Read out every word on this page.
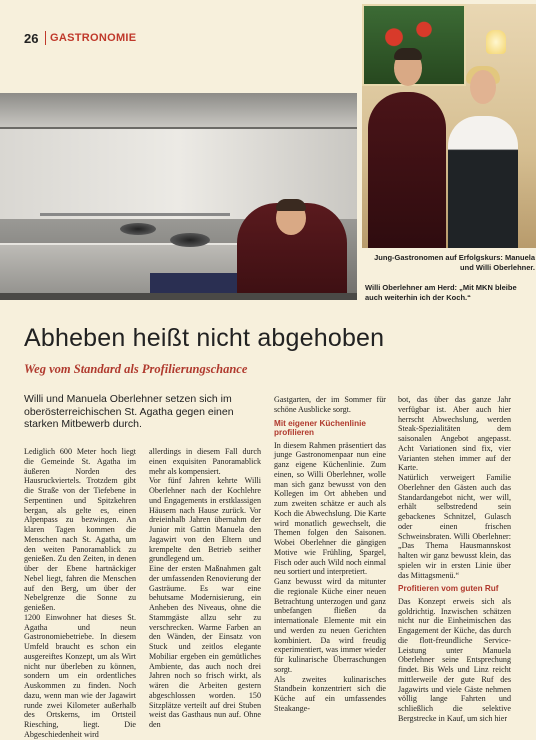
26 GASTRONOMIE
Jung-Gastronomen auf Erfolgskurs: Manuela und Willi Oberlehner.
Willi Oberlehner am Herd: „Mit MKN bleibe auch weiterhin ich der Koch.“
Abheben heißt nicht abgehoben
Weg vom Standard als Profilierungschance
Willi und Manuela Oberlehner setzen sich im oberösterreichischen St. Agatha gegen einen starken Mitbewerb durch.

Lediglich 600 Meter hoch liegt die Gemeinde St. Agatha im äußeren Norden des Hausruckviertels. Trotzdem gibt die Straße von der Tiefebene in Serpentinen und Spitzkehren bergan, als gelte es, einen Alpenpass zu bezwingen. An klaren Tagen kommen die Menschen nach St. Agatha, um den weiten Panoramablick zu genießen. Zu den Zeiten, in denen über der Ebene hartnäckiger Nebel liegt, fahren die Menschen auf den Berg, um über der Nebelgrenze die Sonne zu genießen.

1200 Einwohner hat dieses St. Agatha und neun Gastronomiebetriebe. In diesem Umfeld braucht es schon ein ausgereiftes Konzept, um als Wirt nicht nur überleben zu können, sondern um ein ordentliches Auskommen zu finden. Noch dazu, wenn man wie der Jagawirt runde zwei Kilometer außerhalb des Ortskerns, im Ortsteil Riesching, liegt. Die Abgeschiedenheit wird

allerdings in diesem Fall durch einen exquisiten Panoramablick mehr als kompensiert.

Vor fünf Jahren kehrte Willi Oberlehner nach der Kochlehre und Engagements in erstklassigen Häusern nach Hause zurück. Vor dreieinhalb Jahren übernahm der Junior mit Gattin Manuela den Jagawirt von den Eltern und krempelte den Betrieb seither grundlegend um.

Eine der ersten Maßnahmen galt der umfassenden Renovierung der Gasträume. Es war eine behutsame Modernisierung, ein Anheben des Niveaus, ohne die Stammgäste allzu sehr zu verschrecken. Warme Farben an den Wänden, der Einsatz von Stuck und zeitlos elegante Mobiliar ergeben ein gemütliches Ambiente, das auch noch drei Jahren noch so frisch wirkt, als wären die Arbeiten gestern abgeschlossen worden. 150 Sitzplätze verteilt auf drei Stuben weist das Gasthaus nun auf. Ohne den

Gastgarten, der im Sommer für schöne Ausblicke sorgt.

Mit eigener Küchenlinie profilieren

In diesem Rahmen präsentiert das junge Gastronomenpaar nun eine ganz eigene Küchenlinie. Zum einen, so Willi Oberlehner, wolle man sich ganz bewusst von den Kollegen im Ort abheben und zum zweiten schätze er auch als Koch die Abwechslung. Die Karte wird monatlich gewechselt, die Themen folgen den Saisonen. Wobei Oberlehner die gängigen Motive wie Frühling, Spargel, Fisch oder auch Wild noch einmal neu sortiert und interpretiert.

Ganz bewusst wird da mitunter die regionale Küche einer neuen Betrachtung unterzogen und ganz unbefangen fließen da internationale Elemente mit ein und werden zu neuen Gerichten kombiniert. Da wird freudig experimentiert, was immer wieder für kulinarische Überraschungen sorgt.

Als zweites kulinarisches Standbein konzentriert sich die Küche auf ein umfassendes Steakange-

bot, das über das ganze Jahr verfügbar ist. Aber auch hier herrscht Abwechslung, werden Steak-Spezialitäten dem saisonalen Angebot angepasst. Acht Variationen sind fix, vier Varianten stehen immer auf der Karte.

Natürlich verweigert Familie Oberlehner den Gästen auch das Standardangebot nicht, wer will, erhält selbstredend sein gebackenes Schnitzel, Gulasch oder einen frischen Schweinsbraten. Willi Oberlehner: „Das Thema Hausmannskost halten wir ganz bewusst klein, das spielen wir in ersten Linie über das Mittagsmenü.“

Profitieren vom guten Ruf

Das Konzept erweis sich als goldrichtig. Inzwischen schätzen nicht nur die Einheimischen das Engagement der Küche, das durch die flott-freundliche Service-Leistung unter Manuela Oberlehner seine Entsprechung findet. Bis Wels und Linz reicht mittlerweile der gute Ruf des Jagawirts und viele Gäste nehmen völlig lange Fahrten und schließlich die selektive Bergstrecke in Kauf, um sich hier
